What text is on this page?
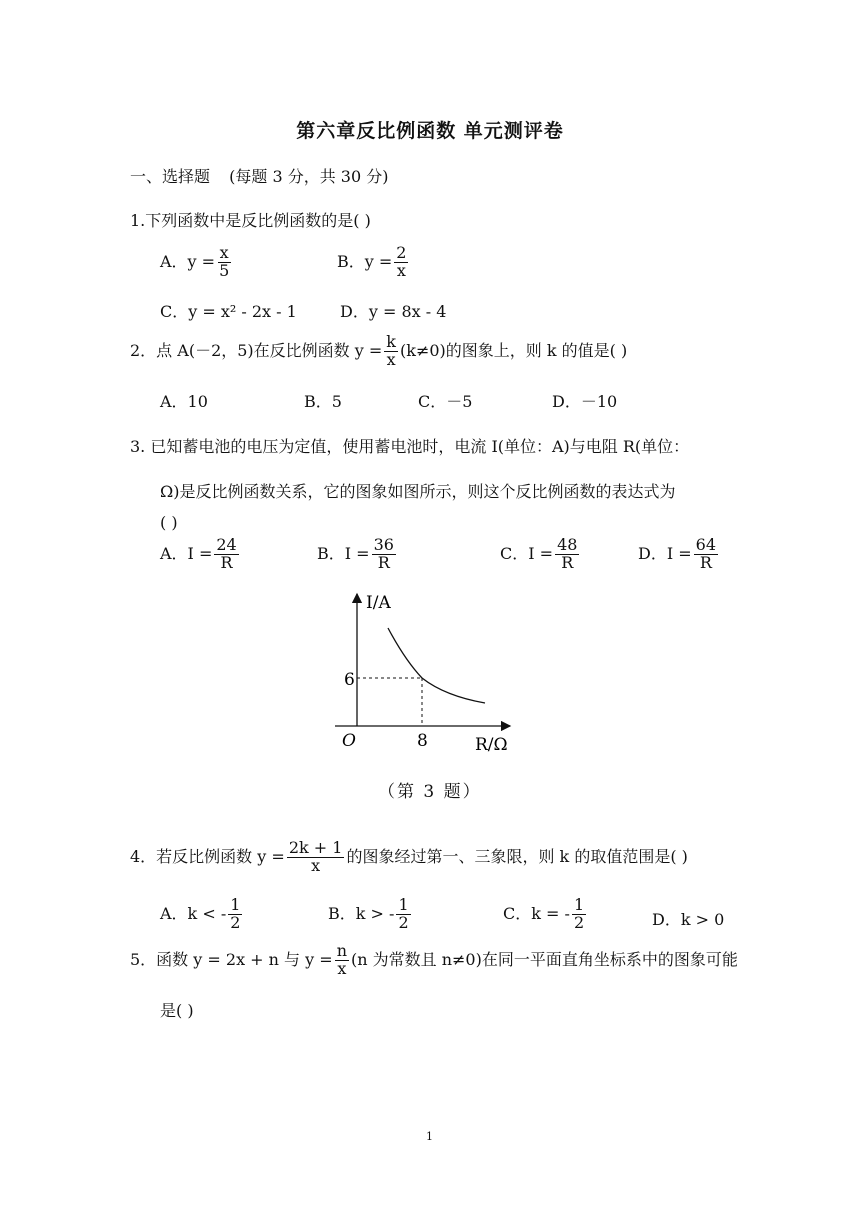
第六章反比例函数 单元测评卷
一、选择题 (每题 3 分，共 30 分)
1.下列函数中是反比例函数的是( )
A．$y = \frac{x}{5}$	B．$y = \frac{2}{x}$
C．y = x² - 2x - 1	D．y = 8x - 4
2．点 A(－2，5)在反比例函数 $y = \frac{k}{x} (k\ne 0)$的图象上，则 k 的值是( )
A．10	B．5	C．－5	D．－10
3. 已知蓄电池的电压为定值，使用蓄电池时，电流 I(单位：A)与电阻 R(单位：
Ω)是反比例函数关系，它的图象如图所示，则这个反比例函数的表达式为
( )
A．$I = \frac{24}{R}$	B．$I = \frac{36}{R}$	C．$I = \frac{48}{R}$	D．$I = \frac{64}{R}$
I/A
R/Ω
O
6
8
（第 3 题）
4．若反比例函数 $y = \frac{2k + 1}{x}$ 的图象经过第一、三象限，则 k 的取值范围是( )
A．k < - $\frac{1}{2}$	B．k > - $\frac{1}{2}$	C．k = - $\frac{1}{2}$	D．k > 0
5．函数 y = 2x + n 与 $y = \frac{n}{x} (n$ 为常数且 n≠0)在同一平面直角坐标系中的图象可能
是( )
1
